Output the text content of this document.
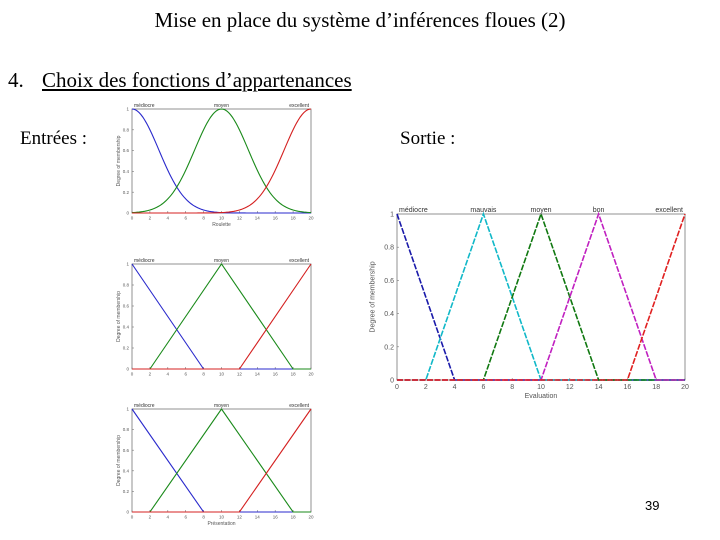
Mise en place du système d’inférences floues (2)
4. Choix des fonctions d’appartenances
Entrées :	Sortie :
0	2	4	6	8	10	12	14	16	18	20
0
0.2
0.4
0.6
0.8
1
Roulette
Degree of membership
médiocre	moyen	excellent
0	2	4	6	8	10	12	14	16	18	20
0
0.2
0.4
0.6
0.8
1
Degree of membership
médiocre	moyen	excellent
0	2	4	6	8	10	12	14	16	18	20
0
0.2
0.4
0.6
0.8
1
Présentation
Degree of membership
médiocre	moyen	excellent
0	2	4	6	8	10	12	14	16	18	20
0
0.2
0.4
0.6
0.8
1
Evaluation
Degree of membership
médiocre	mauvais	moyen	bon	excellent
39
